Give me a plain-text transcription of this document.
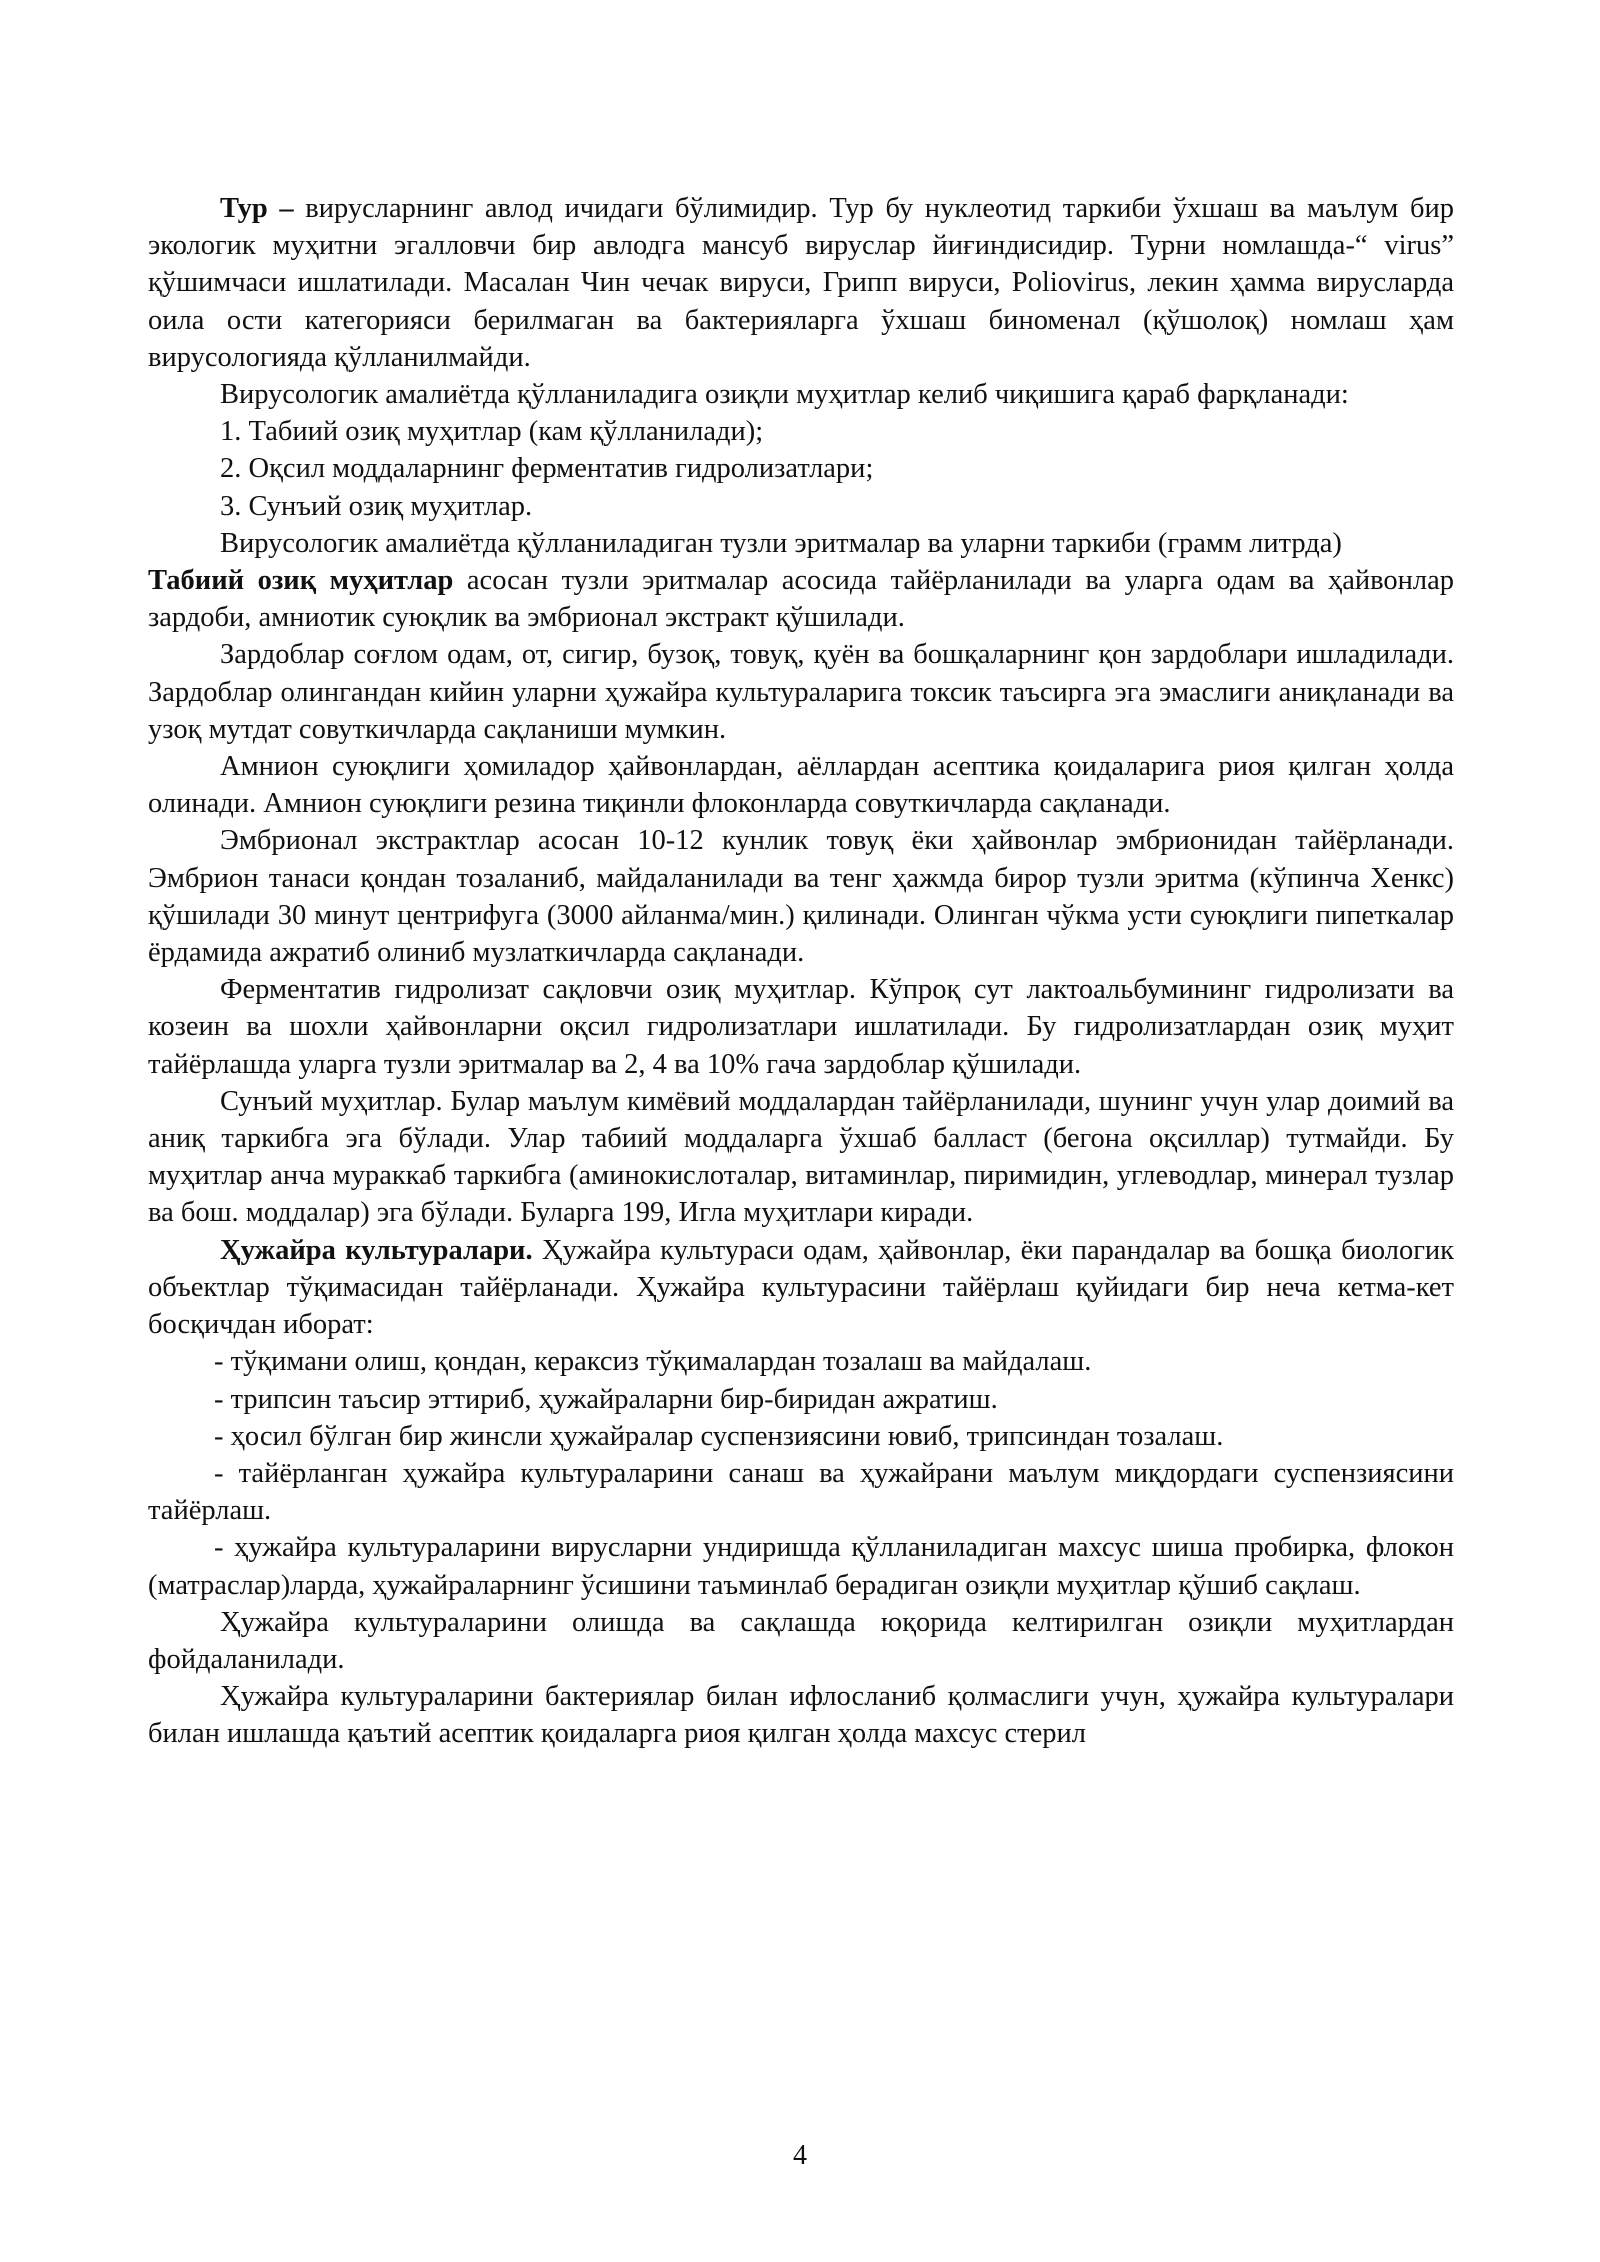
Тур – вирусларнинг авлод ичидаги бўлимидир. Тур бу нуклеотид таркиби ўхшаш ва маълум бир экологик муҳитни эгалловчи бир авлодга мансуб вируслар йиғиндисидир. Турни номлашда-“ virus” қўшимчаси ишлатилади. Масалан Чин чечак вируси, Грипп вируси, Poliovirus, лекин ҳамма вирусларда оила ости категорияси берилмаган ва бактерияларга ўхшаш биноменал (қўшолоқ) номлаш ҳам вирусологияда қўлланилмайди.

Вирусологик амалиётда қўлланиладига озиқли муҳитлар келиб чиқишига қараб фарқланади:

1. Табиий озиқ муҳитлар (кам қўлланилади);

2. Оқсил моддаларнинг ферментатив гидролизатлари;

3. Сунъий озиқ муҳитлар.

Вирусологик амалиётда қўлланиладиган тузли эритмалар ва уларни таркиби (грамм литрда)

Табиий озиқ муҳитлар асосан тузли эритмалар асосида тайёрланилади ва уларга одам ва ҳайвонлар зардоби, амниотик суюқлик ва эмбрионал экстракт қўшилади.

Зардоблар соғлом одам, от, сигир, бузоқ, товуқ, қуён ва бошқаларнинг қон зардоблари ишладилади. Зардоблар олингандан кийин уларни ҳужайра культураларига токсик таъсирга эга эмаслиги аниқланади ва узоқ мутдат совуткичларда сақланиши мумкин.

Амнион суюқлиги ҳомиладор ҳайвонлардан, аёллардан асептика қоидаларига риоя қилган ҳолда олинади. Амнион суюқлиги резина тиқинли флоконларда совуткичларда сақланади.

Эмбрионал экстрактлар асосан 10-12 кунлик товуқ ёки ҳайвонлар эмбрионидан тайёрланади. Эмбрион танаси қондан тозаланиб, майдаланилади ва тенг ҳажмда бирор тузли эритма (кўпинча Хенкс) қўшилади 30 минут центрифуга (3000 айланма/мин.) қилинади. Олинган чўкма усти суюқлиги пипеткалар ёрдамида ажратиб олиниб музлаткичларда сақланади.

Ферментатив гидролизат сақловчи озиқ муҳитлар. Кўпроқ сут лактоальбумининг гидролизати ва козеин ва шохли ҳайвонларни оқсил гидролизатлари ишлатилади. Бу гидролизатлардан озиқ муҳит тайёрлашда уларга тузли эритмалар ва 2, 4 ва 10% гача зардоблар қўшилади.

Сунъий муҳитлар. Булар маълум кимёвий моддалардан тайёрланилади, шунинг учун улар доимий ва аниқ таркибга эга бўлади. Улар табиий моддаларга ўхшаб балласт (бегона оқсиллар) тутмайди. Бу муҳитлар анча мураккаб таркибга (аминокислоталар, витаминлар, пиримидин, углеводлар, минерал тузлар ва бош. моддалар) эга бўлади. Буларга 199, Игла муҳитлари киради.

Ҳужайра культуралари. Ҳужайра культураси одам, ҳайвонлар, ёки парандалар ва бошқа биологик объектлар тўқимасидан тайёрланади. Ҳужайра культурасини тайёрлаш қуйидаги бир неча кетма-кет босқичдан иборат:

- тўқимани олиш, қондан, кераксиз тўқималардан тозалаш ва майдалаш.

- трипсин таъсир эттириб, ҳужайраларни бир-биридан ажратиш.

- ҳосил бўлган бир жинсли ҳужайралар суспензиясини ювиб, трипсиндан тозалаш.

- тайёрланган ҳужайра культураларини санаш ва ҳужайрани маълум миқдордаги суспензиясини тайёрлаш.

- ҳужайра культураларини вирусларни ундиришда қўлланиладиган махсус шиша пробирка, флокон (матраслар)ларда, ҳужайраларнинг ўсишини таъминлаб берадиган озиқли муҳитлар қўшиб сақлаш.

Ҳужайра культураларини олишда ва сақлашда юқорида келтирилган озиқли муҳитлардан фойдаланилади.

Ҳужайра культураларини бактериялар билан ифлосланиб қолмаслиги учун, ҳужайра культуралари билан ишлашда қаътий асептик қоидаларга риоя қилган ҳолда махсус стерил

4
